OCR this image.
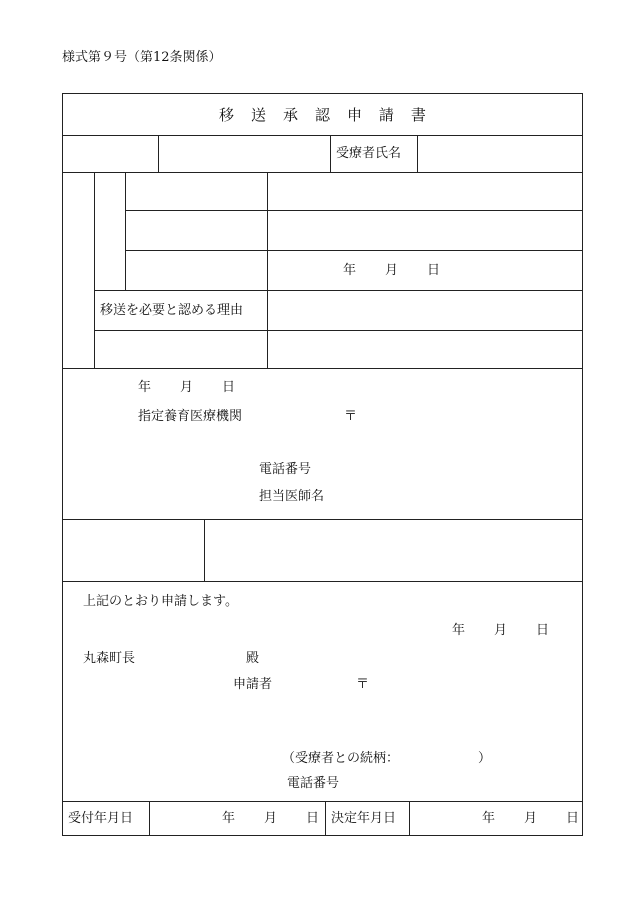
様式第９号（第12条関係）
移 送 承 認 申 請 書
受療者氏名
年 月 日
移送を必要と認める理由
年 月 日
指定養育医療機関	〒
電話番号
担当医師名
上記のとおり申請します。
年 月 日
丸森町長	殿
申請者	〒
（受療者との続柄：	）
電話番号
受付年月日	年 月 日 決定年月日	年 月 日
